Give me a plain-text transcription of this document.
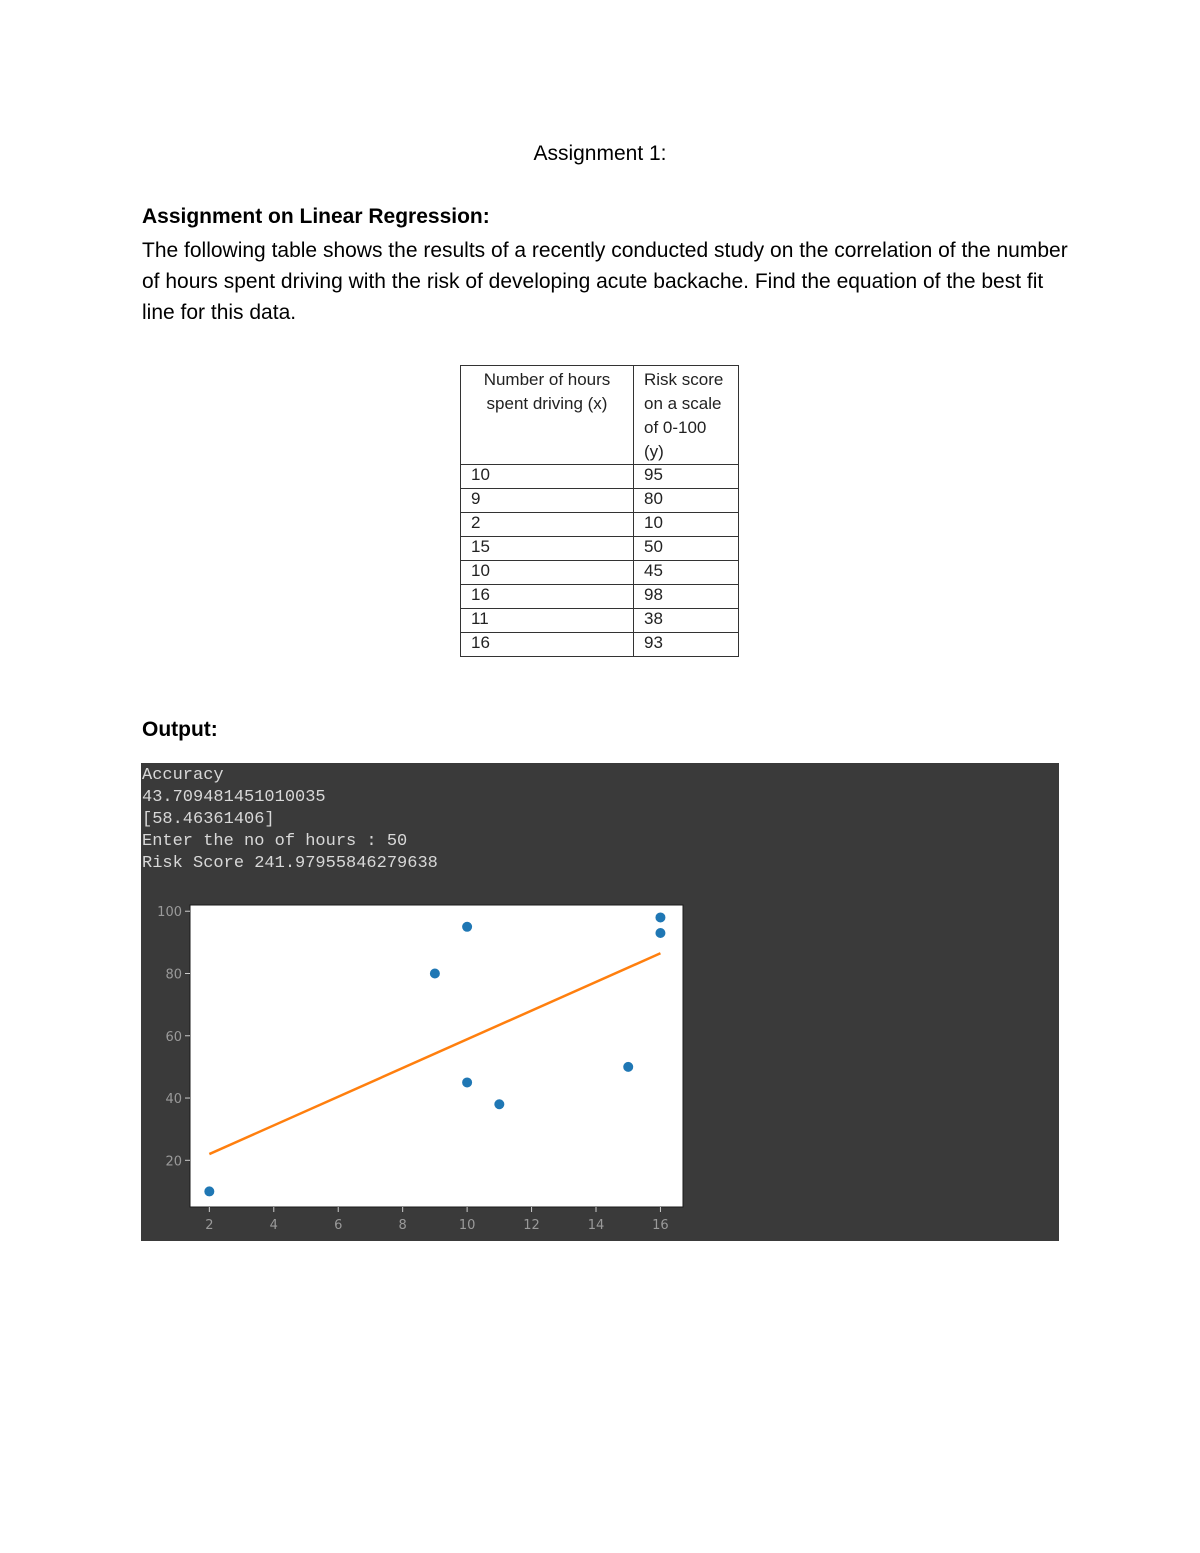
Assignment 1:
Assignment on Linear Regression:
The following table shows the results of a recently conducted study on the correlation of the number of hours spent driving with the risk of developing acute backache. Find the equation of the best fit line for this data.
Number of hours spent driving (x)	Risk score on a scale of 0-100 (y)
10	95
9	80
2	10
15	50
10	45
16	98
11	38
16	93
Output:
Accuracy
43.709481451010035
[58.46361406]
Enter the no of hours : 50
Risk Score 241.97955846279638
2	4	6	8	10	12	14	16
20
40
60
80
100
